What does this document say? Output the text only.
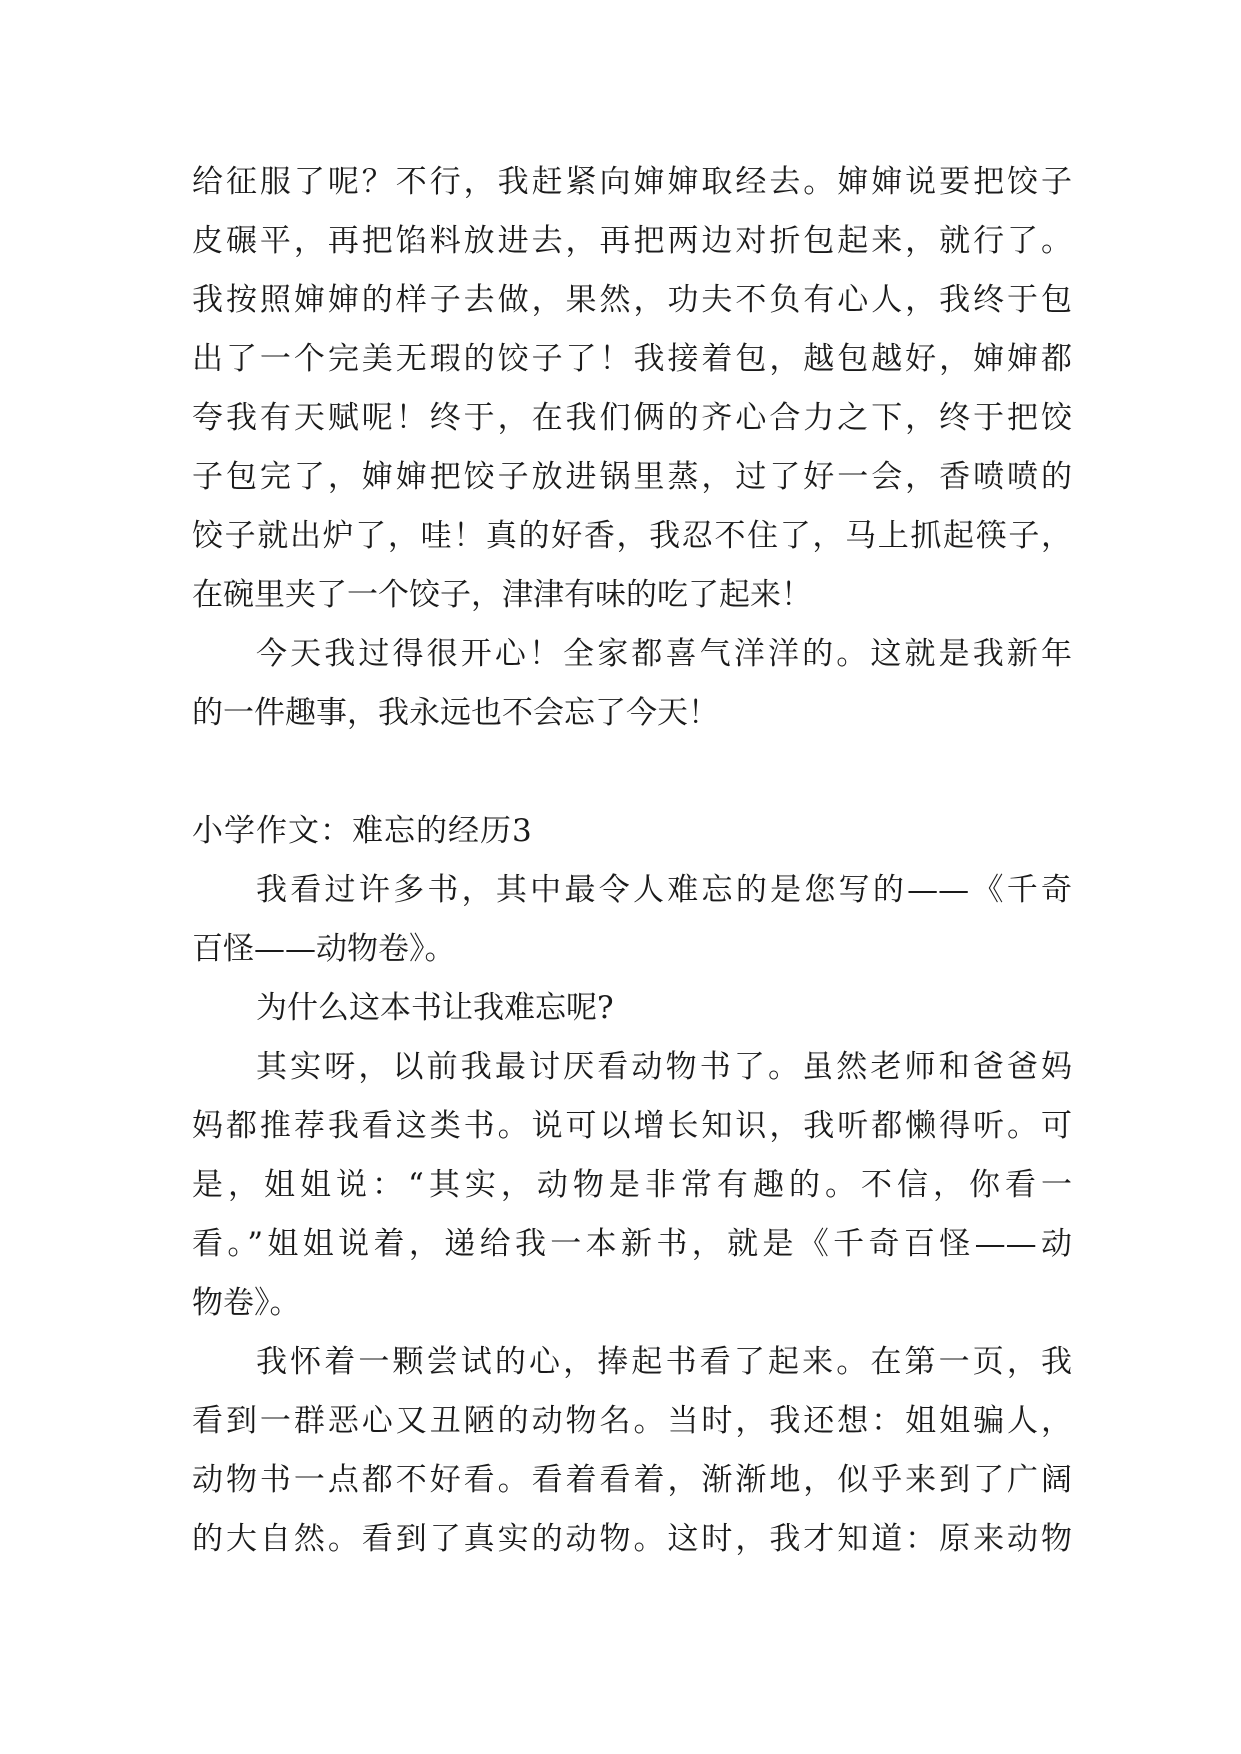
给征服了呢？不行，我赶紧向婶婶取经去。婶婶说要把饺子
皮碾平，再把馅料放进去，再把两边对折包起来，就行了。
我按照婶婶的样子去做，果然，功夫不负有心人，我终于包
出了一个完美无瑕的饺子了！我接着包，越包越好，婶婶都
夸我有天赋呢！终于，在我们俩的齐心合力之下，终于把饺
子包完了，婶婶把饺子放进锅里蒸，过了好一会，香喷喷的
饺子就出炉了，哇！真的好香，我忍不住了，马上抓起筷子，
在碗里夹了一个饺子，津津有味的吃了起来！
今天我过得很开心！全家都喜气洋洋的。这就是我新年
的一件趣事，我永远也不会忘了今天！
小学作文：难忘的经历3
我看过许多书，其中最令人难忘的是您写的——《千奇
百怪——动物卷》。
为什么这本书让我难忘呢?
其实呀，以前我最讨厌看动物书了。虽然老师和爸爸妈
妈都推荐我看这类书。说可以增长知识，我听都懒得听。可
是，姐姐说：“其实，动物是非常有趣的。不信，你看一
看。”姐姐说着，递给我一本新书，就是《千奇百怪——动
物卷》。
我怀着一颗尝试的心，捧起书看了起来。在第一页，我
看到一群恶心又丑陋的动物名。当时，我还想：姐姐骗人，
动物书一点都不好看。看着看着，渐渐地，似乎来到了广阔
的大自然。看到了真实的动物。这时，我才知道：原来动物
